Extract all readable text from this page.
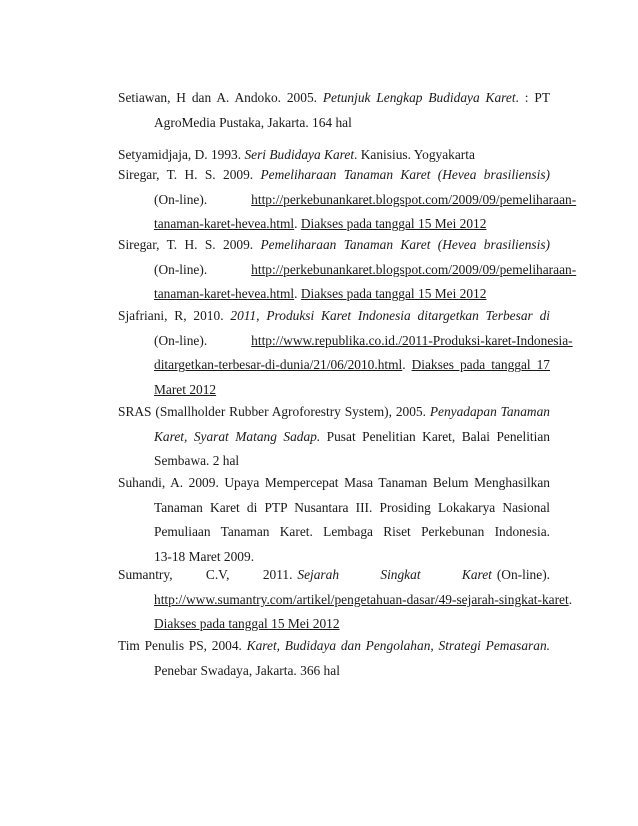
Setiawan, H dan A. Andoko. 2005. Petunjuk Lengkap Budidaya Karet. : PT
AgroMedia Pustaka, Jakarta. 164 hal
Setyamidjaja, D. 1993. Seri Budidaya Karet. Kanisius. Yogyakarta
Siregar, T. H. S. 2009. Pemeliharaan Tanaman Karet (Hevea brasiliensis)
(On-line).	http://perkebunankaret.blogspot.com/2009/09/pemeliharaan-
tanaman-karet-hevea.html. Diakses pada tanggal 15 Mei 2012
Siregar, T. H. S. 2009. Pemeliharaan Tanaman Karet (Hevea brasiliensis)
(On-line).	http://perkebunankaret.blogspot.com/2009/09/pemeliharaan-
tanaman-karet-hevea.html. Diakses pada tanggal 15 Mei 2012
Sjafriani, R, 2010. 2011, Produksi Karet Indonesia ditargetkan Terbesar di
(On-line).	http://www.republika.co.id./2011-Produksi-karet-Indonesia-
ditargetkan-terbesar-di-dunia/21/06/2010.html. Diakses pada tanggal 17
Maret 2012
SRAS (Smallholder Rubber Agroforestry System), 2005. Penyadapan Tanaman
Karet, Syarat Matang Sadap. Pusat Penelitian Karet, Balai Penelitian
Sembawa. 2 hal
Suhandi, A. 2009. Upaya Mempercepat Masa Tanaman Belum Menghasilkan
Tanaman Karet di PTP Nusantara III. Prosiding Lokakarya Nasional
Pemuliaan Tanaman Karet. Lembaga Riset Perkebunan Indonesia.
13-18 Maret 2009.
Sumantry, C.V, 2011. Sejarah Singkat Karet (On-line).
http://www.sumantry.com/artikel/pengetahuan-dasar/49-sejarah-singkat-karet.
Diakses pada tanggal 15 Mei 2012
Tim Penulis PS, 2004. Karet, Budidaya dan Pengolahan, Strategi Pemasaran.
Penebar Swadaya, Jakarta. 366 hal
